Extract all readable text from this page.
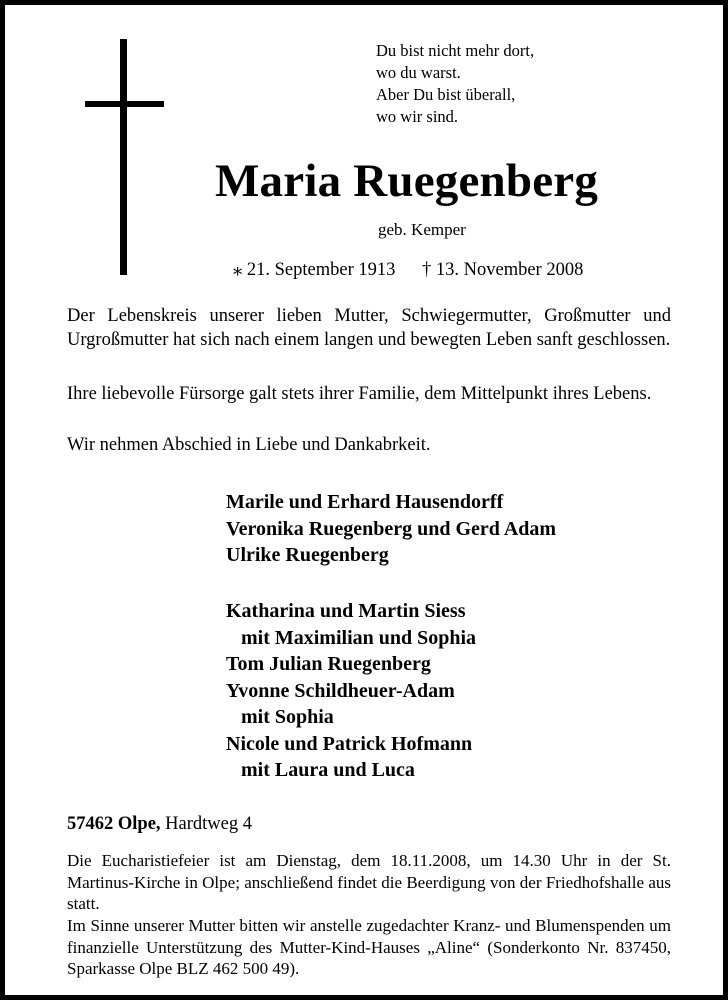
Du bist nicht mehr dort,
wo du warst.
Aber Du bist überall,
wo wir sind.
Maria Ruegenberg
geb. Kemper
⁎ 21. September 1913 † 13. November 2008
Der Lebenskreis unserer lieben Mutter, Schwiegermutter, Großmutter und Urgroßmutter hat sich nach einem langen und bewegten Leben sanft geschlossen.
Ihre liebevolle Fürsorge galt stets ihrer Familie, dem Mittelpunkt ihres Lebens.
Wir nehmen Abschied in Liebe und Dankabrkeit.
Marile und Erhard Hausendorff
Veronika Ruegenberg und Gerd Adam
Ulrike Ruegenberg
Katharina und Martin Siess
mit Maximilian und Sophia
Tom Julian Ruegenberg
Yvonne Schildheuer-Adam
mit Sophia
Nicole und Patrick Hofmann
mit Laura und Luca
57462 Olpe, Hardtweg 4
Die Eucharistiefeier ist am Dienstag, dem 18.11.2008, um 14.30 Uhr in der St. Martinus-Kirche in Olpe; anschließend findet die Beerdigung von der Friedhofshalle aus statt.
Im Sinne unserer Mutter bitten wir anstelle zugedachter Kranz- und Blumenspenden um finanzielle Unterstützung des Mutter-Kind-Hauses „Aline“ (Sonderkonto Nr. 837450, Sparkasse Olpe BLZ 462 500 49).
